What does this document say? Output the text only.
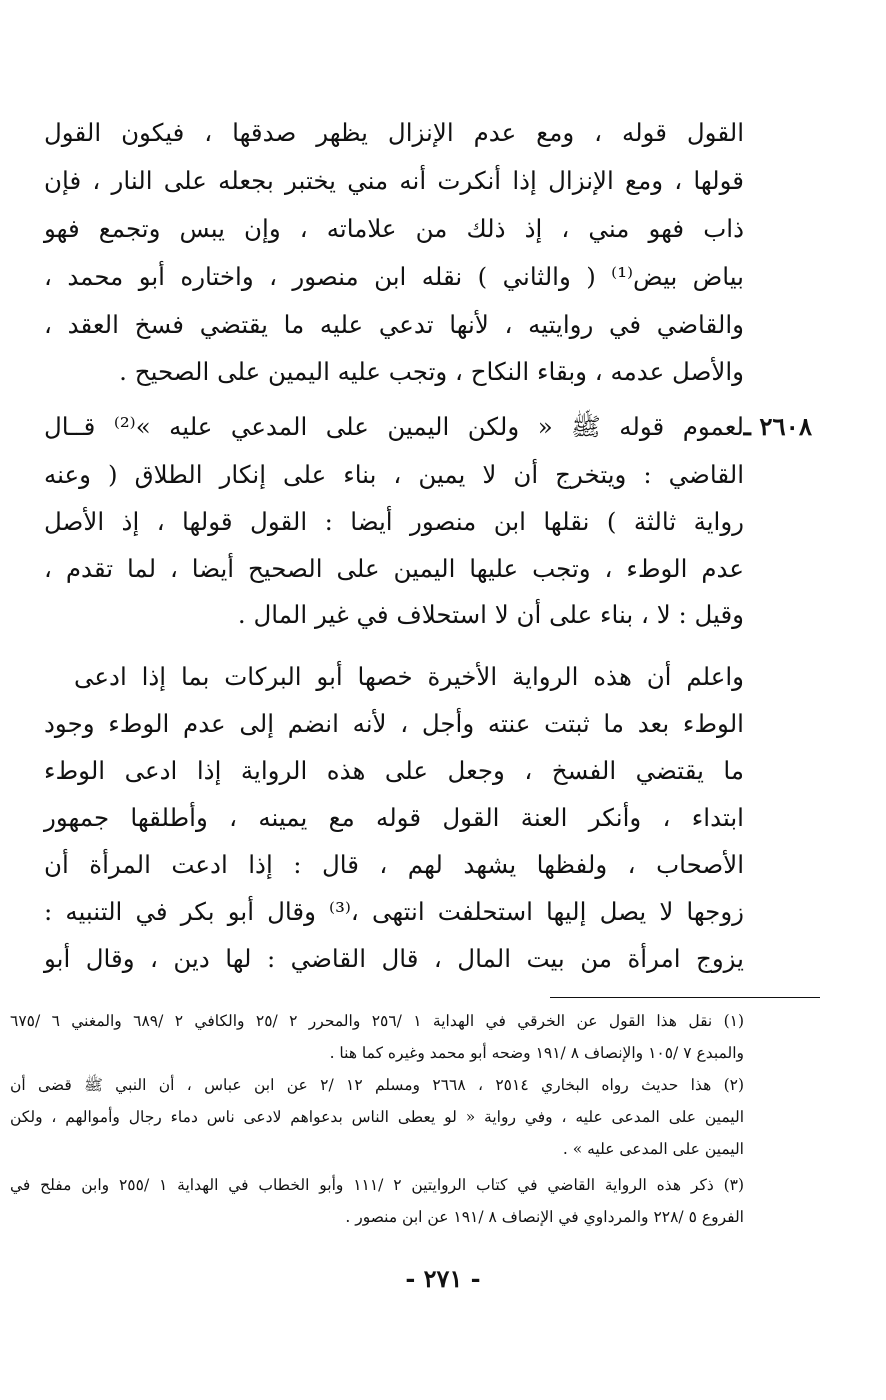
القول قوله ، ومع عدم الإنزال يظهر صدقها ، فيكون القول
قولها ، ومع الإنزال إذا أنكرت أنه مني يختبر بجعله على النار ، فإن
ذاب فهو مني ، إذ ذلك من علاماته ، وإن يبس وتجمع فهو
بياض بيض⁽¹⁾ ( والثاني ) نقله ابن منصور ، واختاره أبو محمد ،
والقاضي في روايتيه ، لأنها تدعي عليه ما يقتضي فسخ العقد ،
والأصل عدمه ، وبقاء النكاح ، وتجب عليه اليمين على الصحيح .
٢٦٠٨ ـ
لعموم قوله ﷺ « ولكن اليمين على المدعي عليه »⁽²⁾ قــال
القاضي : ويتخرج أن لا يمين ، بناء على إنكار الطلاق ( وعنه
رواية ثالثة ) نقلها ابن منصور أيضا : القول قولها ، إذ الأصل
عدم الوطء ، وتجب عليها اليمين على الصحيح أيضا ، لما تقدم ،
وقيل : لا ، بناء على أن لا استحلاف في غير المال .
واعلم أن هذه الرواية الأخيرة خصها أبو البركات بما إذا ادعى
الوطء بعد ما ثبتت عنته وأجل ، لأنه انضم إلى عدم الوطء وجود
ما يقتضي الفسخ ، وجعل على هذه الرواية إذا ادعى الوطء
ابتداء ، وأنكر العنة القول قوله مع يمينه ، وأطلقها جمهور
الأصحاب ، ولفظها يشهد لهم ، قال : إذا ادعت المرأة أن
زوجها لا يصل إليها استحلفت انتهى ،⁽³⁾ وقال أبو بكر في التنبيه :
يزوج امرأة من بيت المال ، قال القاضي : لها دين ، وقال أبو
(١) نقل هذا القول عن الخرقي في الهداية ١ /٢٥٦ والمحرر ٢ /٢٥ والكافي ٢ /٦٨٩ والمغني ٦ /٦٧٥
والمبدع ٧ /١٠٥ والإنصاف ٨ /١٩١ وضحه أبو محمد وغيره كما هنا .
(٢) هذا حديث رواه البخاري ٢٥١٤ ، ٢٦٦٨ ومسلم ١٢ /٢ عن ابن عباس ، أن النبي ﷺ قضى أن
اليمين على المدعى عليه ، وفي رواية « لو يعطى الناس بدعواهم لادعى ناس دماء رجال وأموالهم ، ولكن
اليمين على المدعى عليه » .
(٣) ذكر هذه الرواية القاضي في كتاب الروايتين ٢ /١١١ وأبو الخطاب في الهداية ١ /٢٥٥ وابن مفلح في
الفروع ٥ /٢٢٨ والمرداوي في الإنصاف ٨ /١٩١ عن ابن منصور .
- ٢٧١ -
